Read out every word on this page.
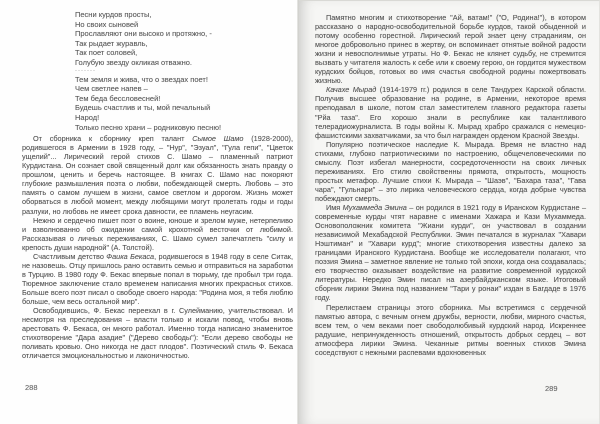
Песни курдов просты,
Но своих сыновей
Прославляют они высоко и протяжно, -
Так рыдает журавль,
Так поет соловей,
Голубую звезду окликая отважно.
·······
Тем земля и жива, что о звездах поет!
Чем светлее напев –
Тем беда бессловесней!
Будешь счастлив и ты, мой печальный
Народ!
Только песню храни – родниковую песню!

От сборника к сборнику креп талант Сымое Шамо (1928-2000), родившегося в Армении в 1928 году, – "Нур", "Эзуал", "Гула гепи", "Цветок ущелий"... Лирический герой стихов С. Шамо – пламенный патриот Курдистана. Он сознает свой священный долг как обязанность знать правду о прошлом, ценить и беречь настоящее. В книгах С. Шамо нас покоряют глубокие размышления поэта о любви, побеждающей смерть. Любовь – это память о самом лучшем в жизни, самое светлом и дорогом. Жизнь может оборваться в любой момент, между любящими могут пролетать годы и годы разлуки, но любовь не имеет срока давности, ее пламень неугасим.

Нежно и сердечно пишет поэт о воине, юноше и зрелом муже, нетерпеливо и взволнованно об ожидании самой крохотной весточки от любимой. Рассказывая о личных переживаниях, С. Шамо сумел запечатлеть "силу и крепость души народной" (А. Толстой).

Счастливым детство Фаика Бекаса, родившегося в 1948 году в селе Ситак, не назовешь. Отцу пришлось рано оставить семью и отправиться на заработки в Турцию. В 1980 году Ф. Бекас впервые попал в тюрьму, где пробыл три года. Тюремное заключение стало временем написания многих прекрасных стихов. Больше всего поэт писал о свободе своего народа: "Родина моя, я тебя люблю больше, чем весь остальной мир".

Освободившись, Ф. Бекас переехал в г. Сулейманию, учительствовал. И несмотря на преследования – власти только и искали повод, чтобы вновь арестовать Ф. Бекаса, он много работал. Именно тогда написано знаменитое стихотворение "Дара азадие" ("Дерево свободы"): "Если дерево свободы не поливать кровью. Оно никогда не даст плодов". Поэтический стиль Ф. Бекаса отличается эмоциональностью и лаконичностью.

288

Памятно многим и стихотворение "Ай, ватам!" ("О, Родина!"), в котором рассказано о народно-освободительной борьбе курдов, такой обыденной и потому особенно горестной. Лирический герой знает цену страданиям, он многое добровольно принес в жертву, он вспоминает отнятые войной радости жизни и невосполнимые утраты. Но Ф. Бекас не клянет судьбу, не стремится вызвать у читателя жалость к себе или к своему герою, он гордится мужеством курдских бойцов, готовых во имя счастья свободной родины пожертвовать жизнью.

Качахе Мырад (1914-1979 гг.) родился в селе Тандурех Карской области. Получив высшее образование на родине, в Армении, некоторое время преподавал в школе, потом стал заместителем главного редактора газеты "Рйа таза". Его хорошо знали в республике как талантливого телерадиожурналиста. В годы войны К. Мырад храбро сражался с немецко-фашистскими захватчиками, за что был награжден орденом Красной Звезды.

Популярно поэтическое наследие К. Мырада. Время не властно над стихами, глубоко патриотическими по настроению, общечеловеческими по смыслу. Поэт избегал манерности, сосредоточенности на своих личных переживаниях. Его стилю свойственны прямота, открытость, мощность простых метафор. Лучшие стихи К. Мырада – "Шаэв", "Бахара таза", "Гава чара", "Гульнари" – это лирика человеческого сердца, когда добрые чувства побеждают смерть.

Имя Мухаммеда Эмина – он родился в 1921 году в Иранском Курдистане – современные курды чтят наравне с именами Хажара и Кази Мухаммеда. Основоположник комитета "Жиани курди", он участвовал в создании независимой Мехабадской Республики. Эмин печатался в журналах "Хавари Нэштиман" и "Хавари курд"; многие стихотворения известны далеко за границами Иранского Курдистана. Вообще же исследователи полагают, что поэзия Эмина – заметное явление не только той эпохи, когда она создавалась; его творчество оказывает воздействие на развитие современной курдской литературы. Нередко Эмин писал на азербайджанском языке. Итоговый сборник лирики Эмина под названием "Тари у ронаи" издан в Багдаде в 1976 году.

Перелистаем страницы этого сборника. Мы встретимся с сердечной памятью автора, с вечным огнем дружбы, верности, любви, мирного счастья, всем тем, о чем веками поет свободолюбивый курдский народ. Искреннее радушие, непринужденность отношений, открытость добрых сердец – вот атмосфера лирики Эмина. Чеканные ритмы военных стихов Эмина соседствуют с нежными распевами вдохновенных

289
